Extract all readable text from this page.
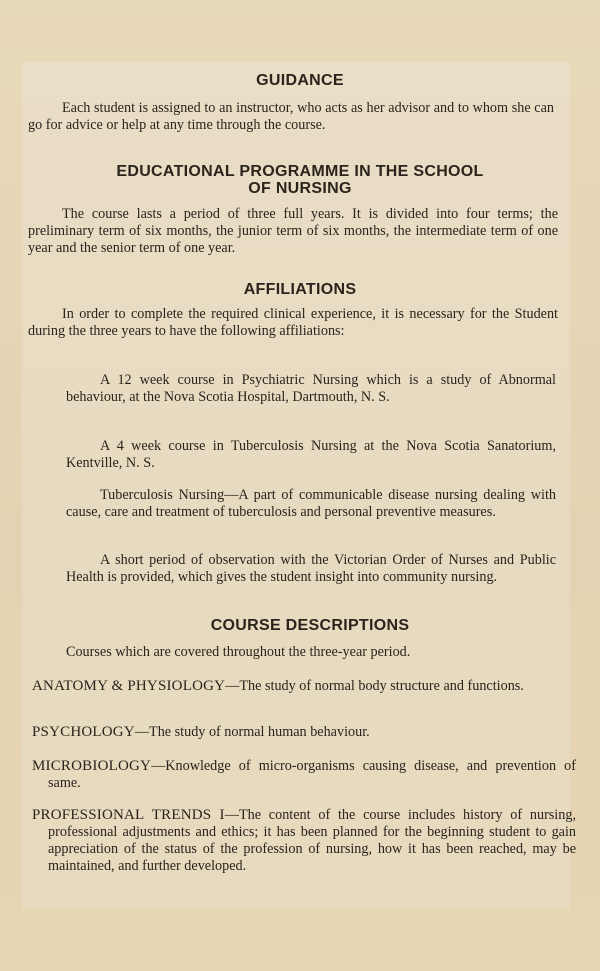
GUIDANCE

Each student is assigned to an instructor, who acts as her advisor and to whom she can go for advice or help at any time through the course.

EDUCATIONAL PROGRAMME IN THE SCHOOL
OF NURSING

The course lasts a period of three full years. It is divided into four terms; the preliminary term of six months, the junior term of six months, the intermediate term of one year and the senior term of one year.

AFFILIATIONS

In order to complete the required clinical experience, it is necessary for the Student during the three years to have the following affiliations:

A 12 week course in Psychiatric Nursing which is a study of Abnormal behaviour, at the Nova Scotia Hospital, Dartmouth, N. S.

A 4 week course in Tuberculosis Nursing at the Nova Scotia Sanatorium, Kentville, N. S.

Tuberculosis Nursing—A part of communicable disease nursing dealing with cause, care and treatment of tuberculosis and personal preventive measures.

A short period of observation with the Victorian Order of Nurses and Public Health is provided, which gives the student insight into community nursing.

COURSE DESCRIPTIONS

Courses which are covered throughout the three-year period.

ANATOMY & PHYSIOLOGY—The study of normal body structure and functions.

PSYCHOLOGY—The study of normal human behaviour.

MICROBIOLOGY—Knowledge of micro-organisms causing disease, and prevention of same.

PROFESSIONAL TRENDS I—The content of the course includes history of nursing, professional adjustments and ethics; it has been planned for the beginning student to gain appreciation of the status of the profession of nursing, how it has been reached, may be maintained, and further developed.
